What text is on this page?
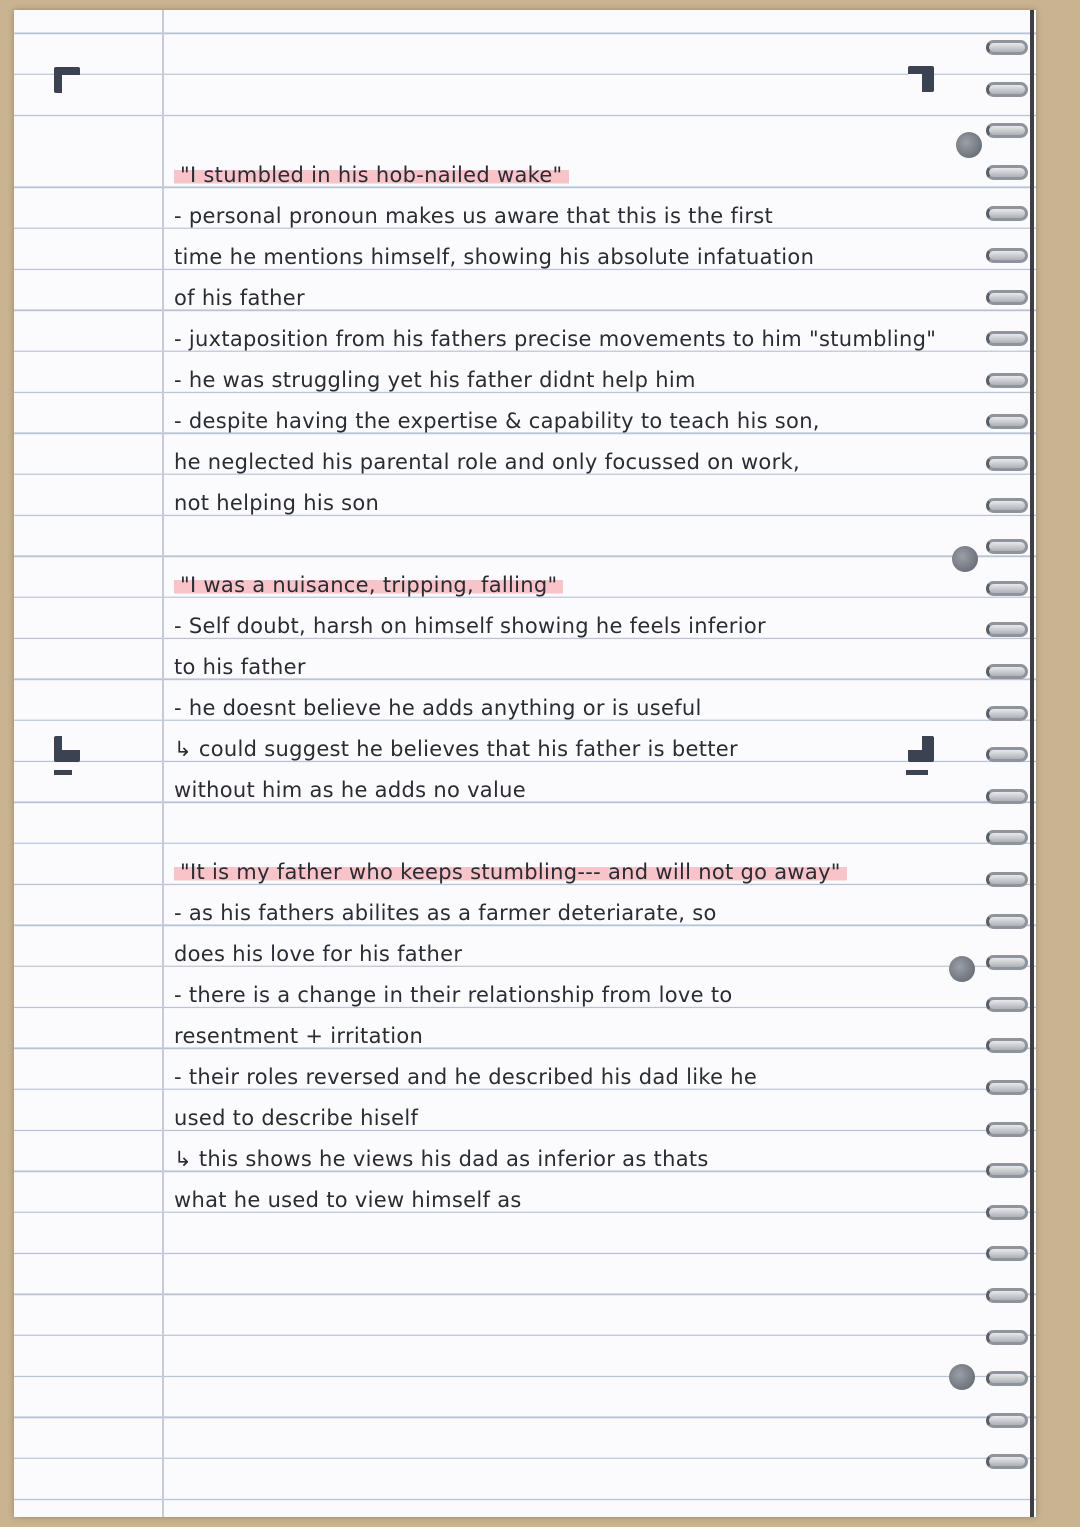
"I stumbled in his hob-nailed wake"
- personal pronoun makes us aware that this is the first
time he mentions himself, showing his absolute infatuation
of his father
- juxtaposition from his fathers precise movements to him "stumbling"
- he was struggling yet his father didnt help him
- despite having the expertise & capability to teach his son,
he neglected his parental role and only focussed on work,
not helping his son
"I was a nuisance, tripping, falling"
- Self doubt, harsh on himself showing he feels inferior
to his father
- he doesnt believe he adds anything or is useful
↳ could suggest he believes that his father is better
without him as he adds no value
"It is my father who keeps stumbling--- and will not go away"
- as his fathers abilites as a farmer deteriarate, so
does his love for his father
- there is a change in their relationship from love to
resentment + irritation
- their roles reversed and he described his dad like he
used to describe hiself
↳ this shows he views his dad as inferior as thats
what he used to view himself as
